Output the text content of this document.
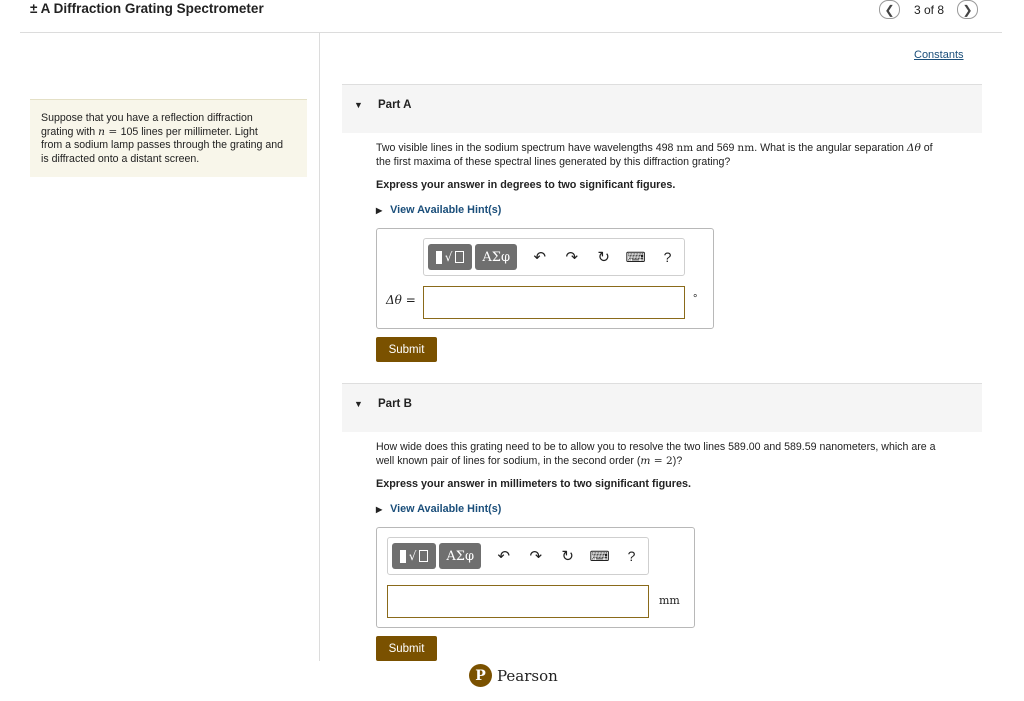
± A Diffraction Grating Spectrometer	❮	3 of 8	❯
Suppose that you have a reflection diffraction
grating with n = 105 lines per millimeter. Light
from a sodium lamp passes through the grating and
is diffracted onto a distant screen.
Constants
▼ Part A
Two visible lines in the sodium spectrum have wavelengths 498 nm and 569 nm. What is the angular separation Δθ of
the first maxima of these spectral lines generated by this diffraction grating?
Express your answer in degrees to two significant figures.
▶ View Available Hint(s)
√	ΑΣφ	↶	↷	↻	⌨	?
Δθ =	°
Submit
▼ Part B
How wide does this grating need to be to allow you to resolve the two lines 589.00 and 589.59 nanometers, which are a
well known pair of lines for sodium, in the second order (m = 2)?
Express your answer in millimeters to two significant figures.
▶ View Available Hint(s)
√	ΑΣφ	↶	↷	↻	⌨	?
mm
Submit
P Pearson
